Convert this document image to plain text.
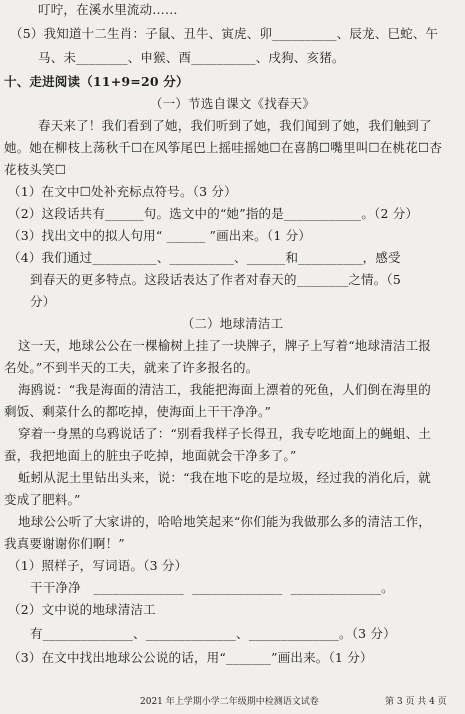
叮咛，在溪水里流动……
（5）我知道十二生肖：子鼠、丑牛、寅虎、卯__________、辰龙、巳蛇、午
马、未________、申猴、酉__________、戌狗、亥猪。
十、走进阅读（11+9=20 分）
（一）节选自课文《找春天》
春天来了！我们看到了她，我们听到了她，我们闻到了她，我们触到了
她。她在柳枝上荡秋千☐在风筝尾巴上摇哇摇她☐在喜鹊☐嘴里叫☐在桃花☐杏
花枝头笑☐
（1）在文中☐处补充标点符号。（3 分）
（2）这段话共有______句。选文中的“她”指的是____________。（2 分）
（3）找出文中的拟人句用“ ______ ”画出来。（1 分）
（4）我们通过__________、__________、______和__________，感受
到春天的更多特点。这段话表达了作者对春天的________之情。（5
分）
（二）地球清洁工
这一天，地球公公在一棵榆树上挂了一块牌子，牌子上写着“地球清洁工报
名处。”不到半天的工夫，就来了许多报名的。
海鸥说：“我是海面的清洁工，我能把海面上漂着的死鱼，人们倒在海里的
剩饭、剩菜什么的都吃掉，使海面上干干净净。”
穿着一身黑的乌鸦说话了：“别看我样子长得丑，我专吃地面上的蝇蛆、土
蚕，我把地面上的脏虫子吃掉，地面就会干净多了。”
蚯蚓从泥土里钻出头来，说：“我在地下吃的是垃圾，经过我的消化后，就
变成了肥料。”
地球公公听了大家讲的，哈哈地笑起来“你们能为我做那么多的清洁工作，
我真要谢谢你们啊！”
（1）照样子，写词语。（3 分）
干干净净　______________  ______________  ______________。
（2）文中说的地球清洁工
有______________、______________、______________。（3 分）
（3）在文中找出地球公公说的话，用“_______”画出来。（1 分）
2021 年上学期小学二年级期中检测语文试卷	第 3 页 共 4 页
